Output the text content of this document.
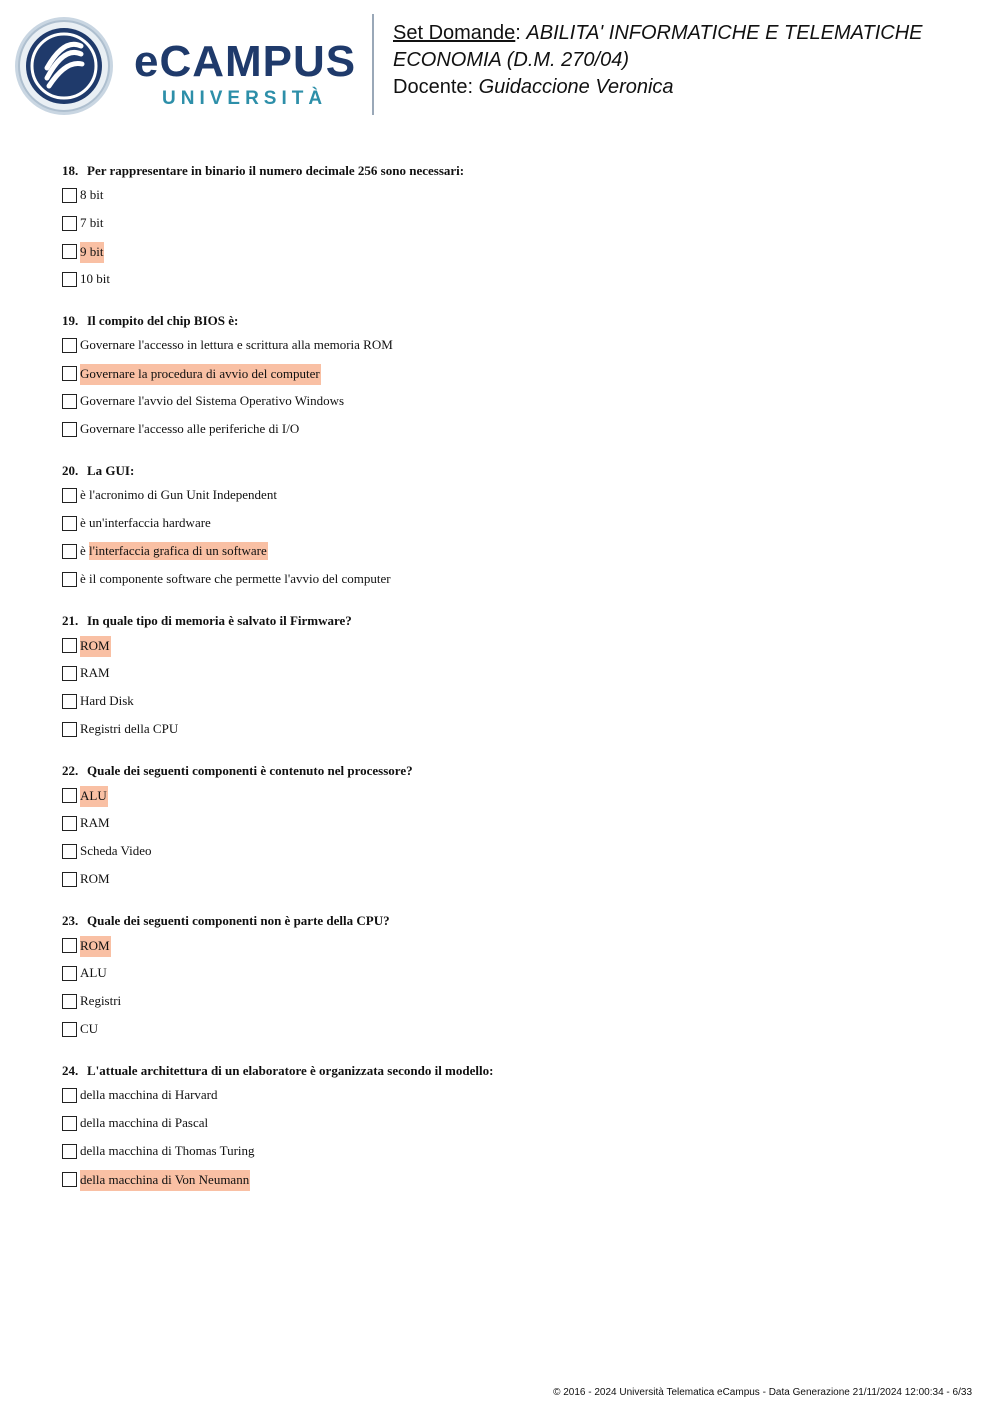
eCAMPUS
UNIVERSITÀ
Set Domande: ABILITA' INFORMATICHE E TELEMATICHE
ECONOMIA (D.M. 270/04)
Docente: Guidaccione Veronica
18. Per rappresentare in binario il numero decimale 256 sono necessari:
8 bit
7 bit
9 bit
10 bit
19. Il compito del chip BIOS è:
Governare l'accesso in lettura e scrittura alla memoria ROM
Governare la procedura di avvio del computer
Governare l'avvio del Sistema Operativo Windows
Governare l'accesso alle periferiche di I/O
20. La GUI:
è l'acronimo di Gun Unit Independent
è un'interfaccia hardware
è l'interfaccia grafica di un software
è il componente software che permette l'avvio del computer
21. In quale tipo di memoria è salvato il Firmware?
ROM
RAM
Hard Disk
Registri della CPU
22. Quale dei seguenti componenti è contenuto nel processore?
ALU
RAM
Scheda Video
ROM
23. Quale dei seguenti componenti non è parte della CPU?
ROM
ALU
Registri
CU
24. L'attuale architettura di un elaboratore è organizzata secondo il modello:
della macchina di Harvard
della macchina di Pascal
della macchina di Thomas Turing
della macchina di Von Neumann
© 2016 - 2024 Università Telematica eCampus - Data Generazione 21/11/2024 12:00:34 - 6/33
